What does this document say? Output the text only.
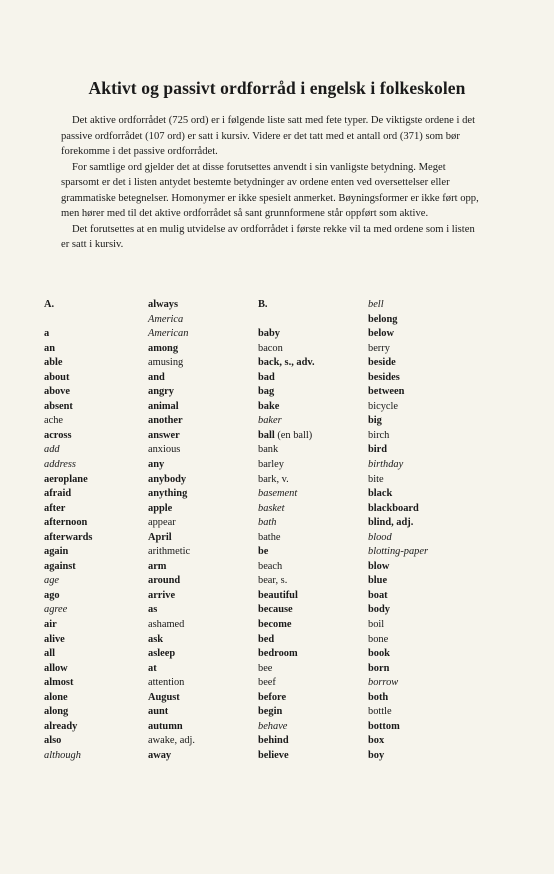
Aktivt og passivt ordforråd i engelsk i folkeskolen

Det aktive ordforrådet (725 ord) er i følgende liste satt med fete typer. De viktigste ordene i det passive ordforrådet (107 ord) er satt i kursiv. Videre er det tatt med et antall ord (371) som bør forekomme i det passive ordforrådet.

For samtlige ord gjelder det at disse forutsettes anvendt i sin vanligste betydning. Meget sparsomt er det i listen antydet bestemte betydninger av ordene enten ved oversettelser eller grammatiske betegnelser. Homonymer er ikke spesielt anmerket. Bøyningsformer er ikke ført opp, men hører med til det aktive ordforrådet så sant grunnformene står oppført som aktive.

Det forutsettes at en mulig utvidelse av ordforrådet i første rekke vil ta med ordene som i listen er satt i kursiv.

A.
a
an
able
about
above
absent
ache
across
add
address
aeroplane
afraid
after
afternoon
afterwards
again
against
age
ago
agree
air
alive
all
allow
almost
alone
along
already
also
although
always
America
American
among
amusing
and
angry
animal
another
answer
anxious
any
anybody
anything
apple
appear
April
arithmetic
arm
around
arrive
as
ashamed
ask
asleep
at
attention
August
aunt
autumn
awake, adj.
away
B.
baby
bacon
back, s., adv.
bad
bag
bake
baker
ball (en ball)
bank
barley
bark, v.
basement
basket
bath
bathe
be
beach
bear, s.
beautiful
because
become
bed
bedroom
bee
beef
before
begin
behave
behind
believe
bell
belong
below
berry
beside
besides
between
bicycle
big
birch
bird
birthday
bite
black
blackboard
blind, adj.
blood
blotting-paper
blow
blue
boat
body
boil
bone
book
born
borrow
both
bottle
bottom
box
boy
